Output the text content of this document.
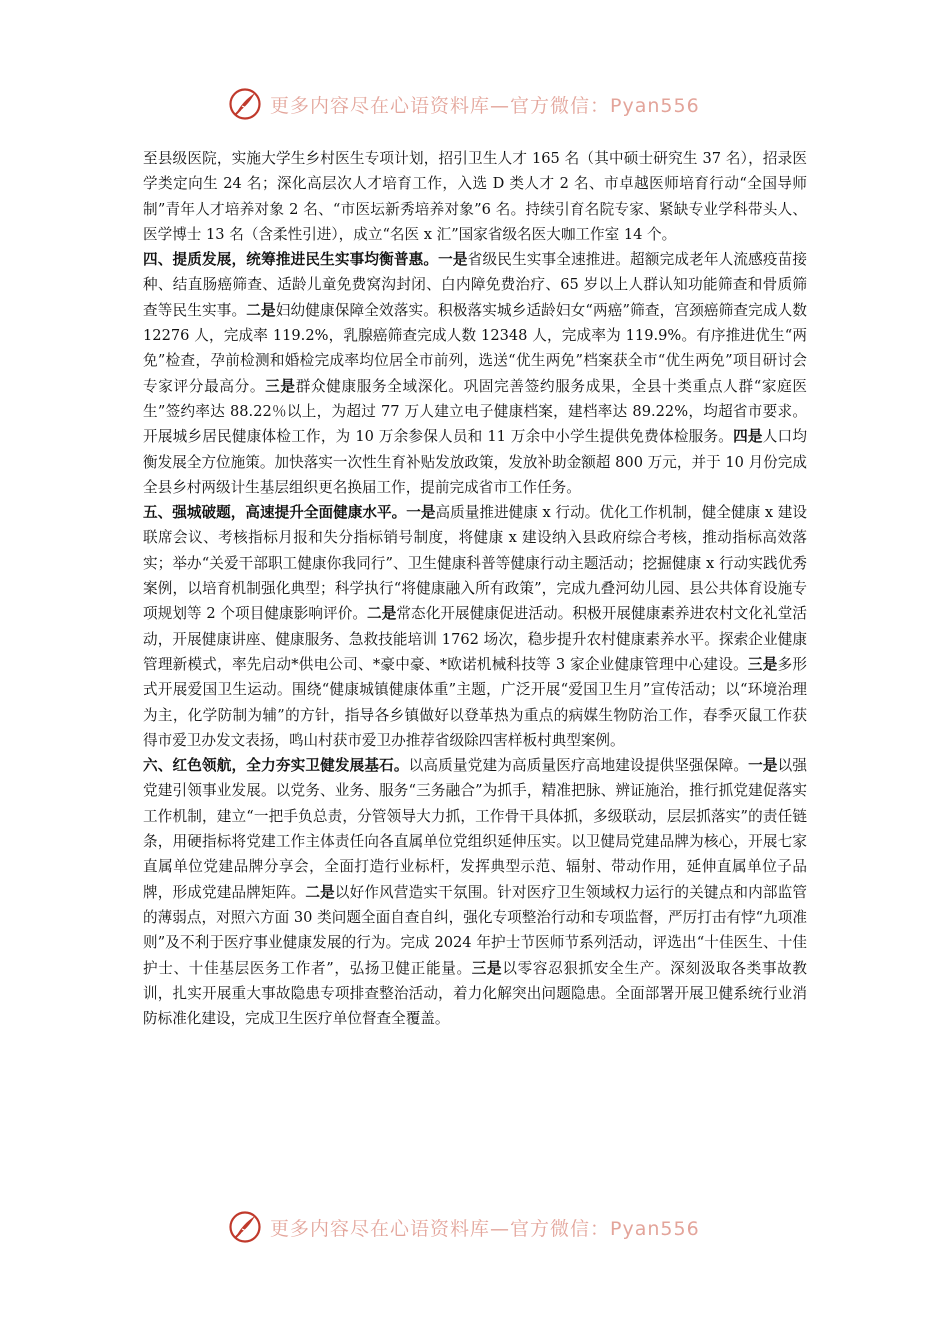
更多内容尽在心语资料库—官方微信：Pyan556

至县级医院，实施大学生乡村医生专项计划，招引卫生人才 165 名（其中硕士研究生 37 名），招录医学类定向生 24 名；深化高层次人才培育工作，入选 D 类人才 2 名、市卓越医师培育行动“全国导师制”青年人才培养对象 2 名、“市医坛新秀培养对象”6 名。持续引育名院专家、紧缺专业学科带头人、医学博士 13 名（含柔性引进），成立“名医 x 汇”国家省级名医大咖工作室 14 个。

四、提质发展，统筹推进民生实事均衡普惠。一是省级民生实事全速推进。超额完成老年人流感疫苗接种、结直肠癌筛查、适龄儿童免费窝沟封闭、白内障免费治疗、65 岁以上人群认知功能筛查和骨质筛查等民生实事。二是妇幼健康保障全效落实。积极落实城乡适龄妇女“两癌”筛查，宫颈癌筛查完成人数 12276 人，完成率 119.2%，乳腺癌筛查完成人数 12348 人，完成率为 119.9%。有序推进优生“两免”检查，孕前检测和婚检完成率均位居全市前列，选送“优生两免”档案获全市“优生两免”项目研讨会专家评分最高分。三是群众健康服务全域深化。巩固完善签约服务成果，全县十类重点人群“家庭医生”签约率达 88.22％以上，为超过 77 万人建立电子健康档案，建档率达 89.22%，均超省市要求。开展城乡居民健康体检工作，为 10 万余参保人员和 11 万余中小学生提供免费体检服务。四是人口均衡发展全方位施策。加快落实一次性生育补贴发放政策，发放补助金额超 800 万元，并于 10 月份完成全县乡村两级计生基层组织更名换届工作，提前完成省市工作任务。

五、强城破题，高速提升全面健康水平。一是高质量推进健康 x 行动。优化工作机制，健全健康 x 建设联席会议、考核指标月报和失分指标销号制度，将健康 x 建设纳入县政府综合考核，推动指标高效落实；举办“关爱干部职工健康你我同行”、卫生健康科普等健康行动主题活动；挖掘健康 x 行动实践优秀案例，以培育机制强化典型；科学执行“将健康融入所有政策”，完成九叠河幼儿园、县公共体育设施专项规划等 2 个项目健康影响评价。二是常态化开展健康促进活动。积极开展健康素养进农村文化礼堂活动，开展健康讲座、健康服务、急救技能培训 1762 场次，稳步提升农村健康素养水平。探索企业健康管理新模式，率先启动*供电公司、*豪中豪、*欧诺机械科技等 3 家企业健康管理中心建设。三是多形式开展爱国卫生运动。围绕“健康城镇健康体重”主题，广泛开展“爱国卫生月”宣传活动；以“环境治理为主，化学防制为辅”的方针，指导各乡镇做好以登革热为重点的病媒生物防治工作，春季灭鼠工作获得市爱卫办发文表扬，鸣山村获市爱卫办推荐省级除四害样板村典型案例。

六、红色领航，全力夯实卫健发展基石。以高质量党建为高质量医疗高地建设提供坚强保障。一是以强党建引领事业发展。以党务、业务、服务“三务融合”为抓手，精准把脉、辨证施治，推行抓党建促落实工作机制，建立“一把手负总责，分管领导大力抓，工作骨干具体抓，多级联动，层层抓落实”的责任链条，用硬指标将党建工作主体责任向各直属单位党组织延伸压实。以卫健局党建品牌为核心，开展七家直属单位党建品牌分享会，全面打造行业标杆，发挥典型示范、辐射、带动作用，延伸直属单位子品牌，形成党建品牌矩阵。二是以好作风营造实干氛围。针对医疗卫生领域权力运行的关键点和内部监管的薄弱点，对照六方面 30 类问题全面自查自纠，强化专项整治行动和专项监督，严厉打击有悖“九项准则”及不利于医疗事业健康发展的行为。完成 2024 年护士节医师节系列活动，评选出“十佳医生、十佳护士、十佳基层医务工作者”，弘扬卫健正能量。三是以零容忍狠抓安全生产。深刻汲取各类事故教训，扎实开展重大事故隐患专项排查整治活动，着力化解突出问题隐患。全面部署开展卫健系统行业消防标准化建设，完成卫生医疗单位督查全覆盖。

更多内容尽在心语资料库—官方微信：Pyan556
